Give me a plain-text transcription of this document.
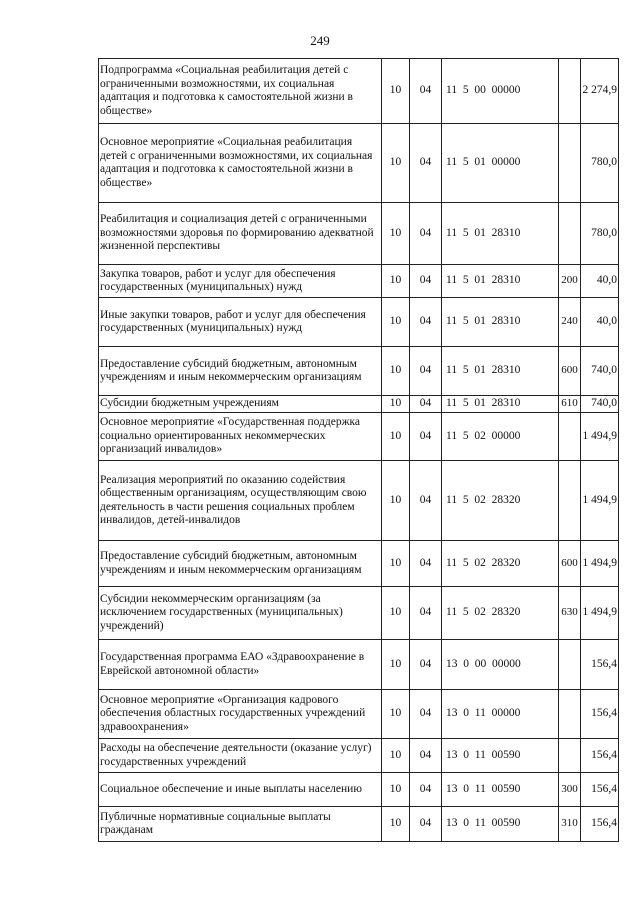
249
Подпрограмма «Социальная реабилитация детей с ограниченными возможностями, их социальная адаптация и подготовка к самостоятельной жизни в обществе»	10	04	11  5  00  00000		2 274,9
Основное мероприятие «Социальная реабилитация детей с ограниченными возможностями, их социальная адаптация и подготовка к самостоятельной жизни в обществе»	10	04	11  5  01  00000		780,0
Реабилитация и социализация детей с ограниченными возможностями здоровья по формированию адекватной жизненной перспективы	10	04	11  5  01  28310		780,0
Закупка товаров, работ и услуг для обеспечения государственных (муниципальных) нужд	10	04	11  5  01  28310	200	40,0
Иные закупки товаров, работ и услуг для обеспечения государственных (муниципальных) нужд	10	04	11  5  01  28310	240	40,0
Предоставление субсидий бюджетным, автономным учреждениям и иным некоммерческим организациям	10	04	11  5  01  28310	600	740,0
Субсидии бюджетным учреждениям	10	04	11  5  01  28310	610	740,0
Основное мероприятие «Государственная поддержка социально ориентированных некоммерческих организаций инвалидов»	10	04	11  5  02  00000		1 494,9
Реализация мероприятий по оказанию содействия общественным организациям, осуществляющим свою деятельность в части решения социальных проблем инвалидов, детей-инвалидов	10	04	11  5  02  28320		1 494,9
Предоставление субсидий бюджетным, автономным учреждениям и иным некоммерческим организациям	10	04	11  5  02  28320	600	1 494,9
Субсидии некоммерческим организациям (за исключением государственных (муниципальных) учреждений)	10	04	11  5  02  28320	630	1 494,9
Государственная программа ЕАО «Здравоохранение в Еврейской автономной области»	10	04	13  0  00  00000		156,4
Основное мероприятие «Организация кадрового обеспечения областных государственных учреждений здравоохранения»	10	04	13  0  11  00000		156,4
Расходы на обеспечение деятельности (оказание услуг) государственных учреждений	10	04	13  0  11  00590		156,4
Социальное обеспечение и иные выплаты населению	10	04	13  0  11  00590	300	156,4
Публичные нормативные социальные выплаты гражданам	10	04	13  0  11  00590	310	156,4
